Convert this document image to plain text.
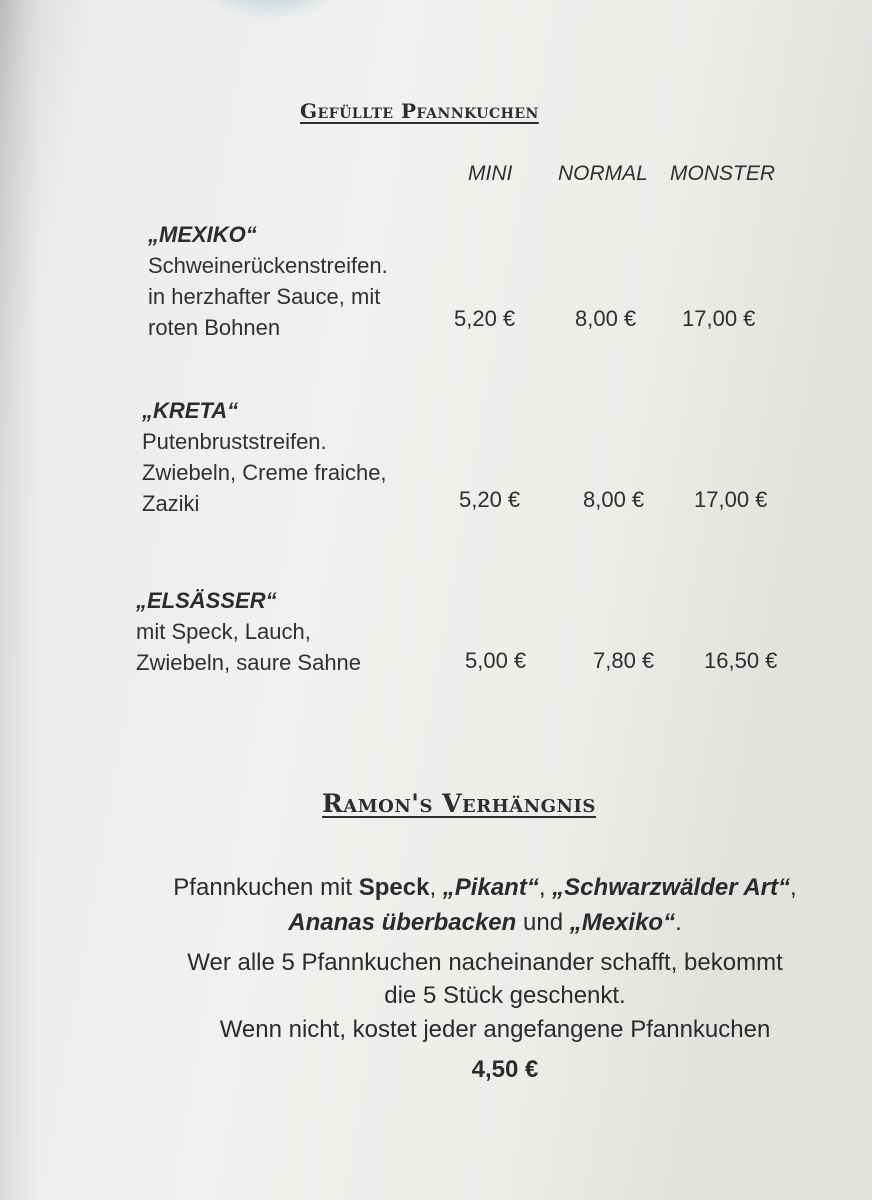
Gefüllte Pfannkuchen
MINI NORMAL MONSTER
„MEXIKO“
Schweinerückenstreifen.
in herzhafter Sauce, mit
roten Bohnen	5,20 €	8,00 € 17,00 €
„KRETA“
Putenbruststreifen.
Zwiebeln, Creme fraiche,
Zaziki	5,20 €	8,00 € 17,00 €
„ELSÄSSER“
mit Speck, Lauch,
Zwiebeln, saure Sahne	5,00 €	7,80 € 16,50 €
Ramon's Verhängnis
Pfannkuchen mit Speck, „Pikant“, „Schwarzwälder Art“,
Ananas überbacken und „Mexiko“.
Wer alle 5 Pfannkuchen nacheinander schafft, bekommt
die 5 Stück geschenkt.
Wenn nicht, kostet jeder angefangene Pfannkuchen
4,50 €
